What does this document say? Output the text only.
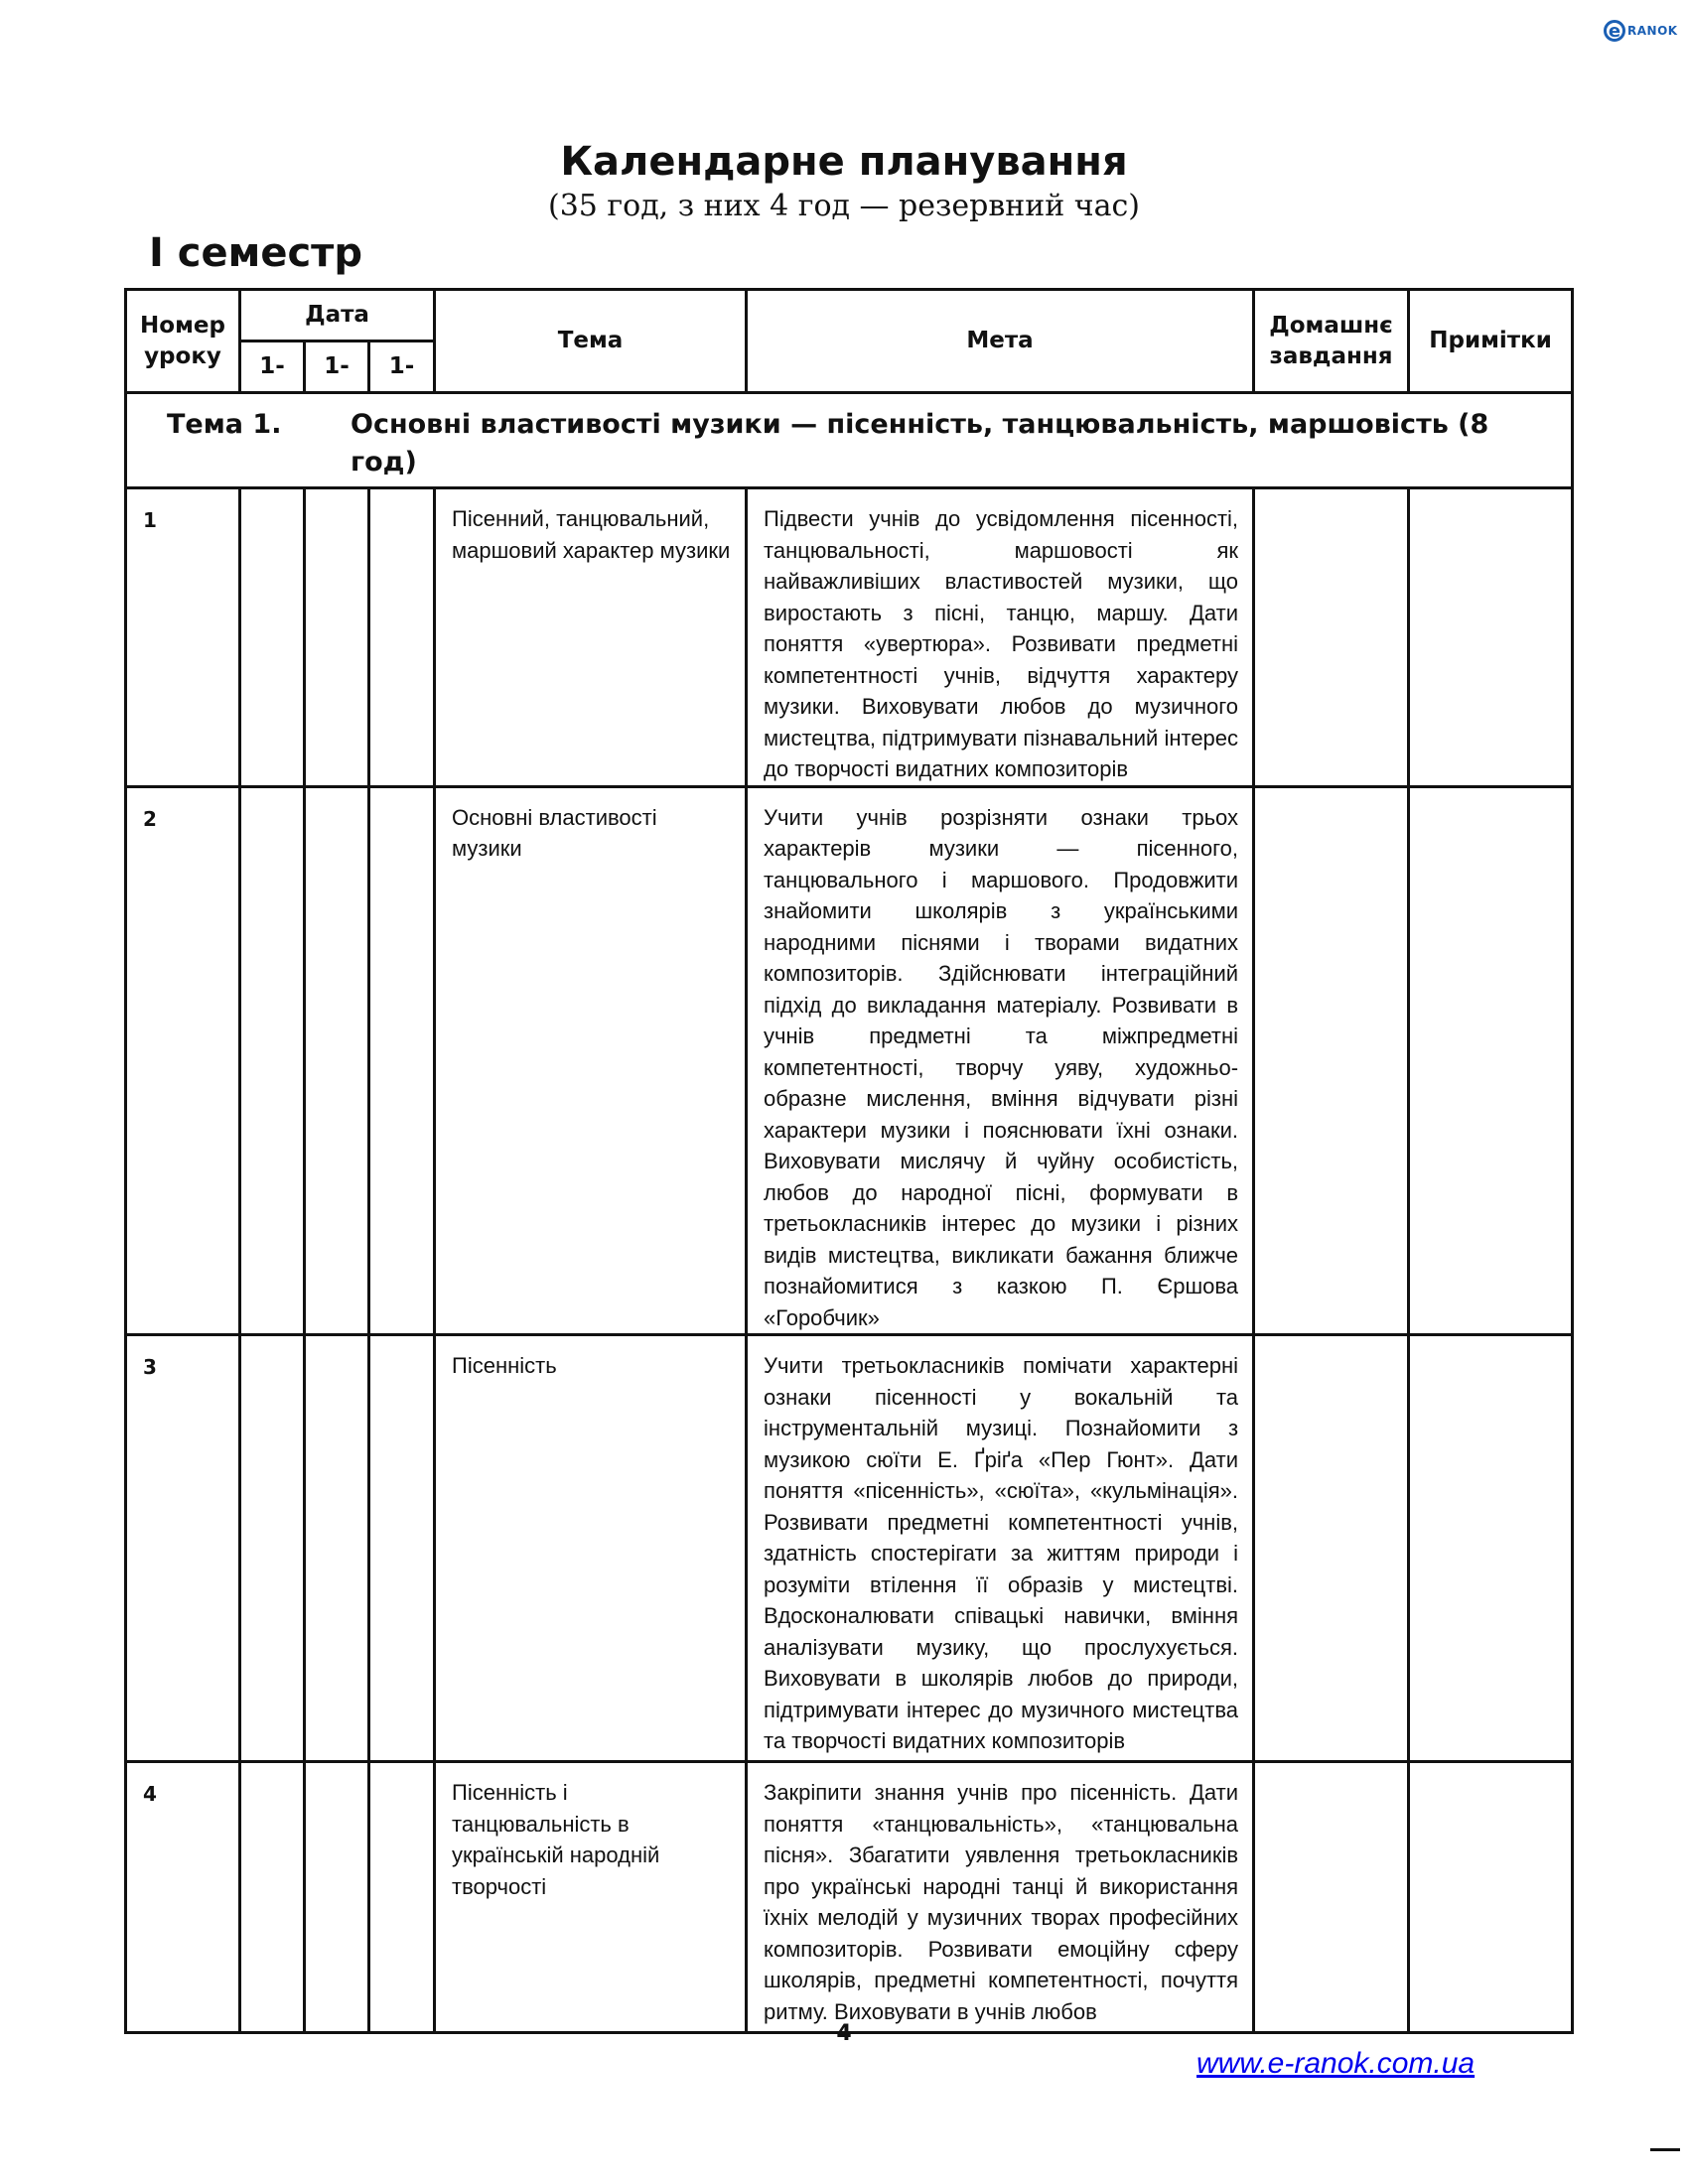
e RANOK
Календарне планування
(35 год, з них 4 год — резервний час)
І семестр
Номер уроку	Дата			Тема	Мета	Домашнє завдання	Примітки
	1-	1-	1-				

Тема 1. Основні властивості музики — пісенність, танцювальність, маршовість (8 год)							

1				Пісенний, танцювальний, маршовий характер музики	Підвести учнів до усвідомлення пісенності, танцювальності, маршовості як найважливіших властивостей музики, що виростають з пісні, танцю, маршу. Дати поняття «увертюра». Розвивати предметні компетентності учнів, відчуття характеру музики. Виховувати любов до музичного мистецтва, підтримувати пізнавальний інтерес до творчості видатних композиторів		
2				Основні властивості музики	Учити учнів розрізняти ознаки трьох характерів музики — пісенного, танцювального і маршового. Продовжити знайомити школярів з українськими народними піснями і творами видатних композиторів. Здійснювати інтеграційний підхід до викладання матеріалу. Розвивати в учнів предметні та міжпредметні компетентності, творчу уяву, художньо-образне мислення, вміння відчувати різні характери музики і пояснювати їхні ознаки. Виховувати мислячу й чуйну особистість, любов до народної пісні, формувати в третьокласників інтерес до музики і різних видів мистецтва, викликати бажання ближче познайомитися з казкою П. Єршова «Горобчик»		
3				Пісенність	Учити третьокласників помічати характерні ознаки пісенності у вокальній та інструментальній музиці. Познайомити з музикою сюїти Е. Ґріґа «Пер Гюнт». Дати поняття «пісенність», «сюїта», «кульмінація». Розвивати предметні компетентності учнів, здатність спостерігати за життям природи і розуміти втілення її образів у мистецтві. Вдосконалювати співацькі навички, вміння аналізувати музику, що прослухується. Виховувати в школярів любов до природи, підтримувати інтерес до музичного мистецтва та творчості видатних композиторів		
4				Пісенність і танцювальність в українській народній творчості	Закріпити знання учнів про пісенність. Дати поняття «танцювальність», «танцювальна пісня». Збагатити уявлення третьокласників про українські народні танці й використання їхніх мелодій у музичних творах професійних композиторів. Розвивати емоційну сферу школярів, предметні компетентності, почуття ритму. Виховувати в учнів любов		
4
www.e-ranok.com.ua
